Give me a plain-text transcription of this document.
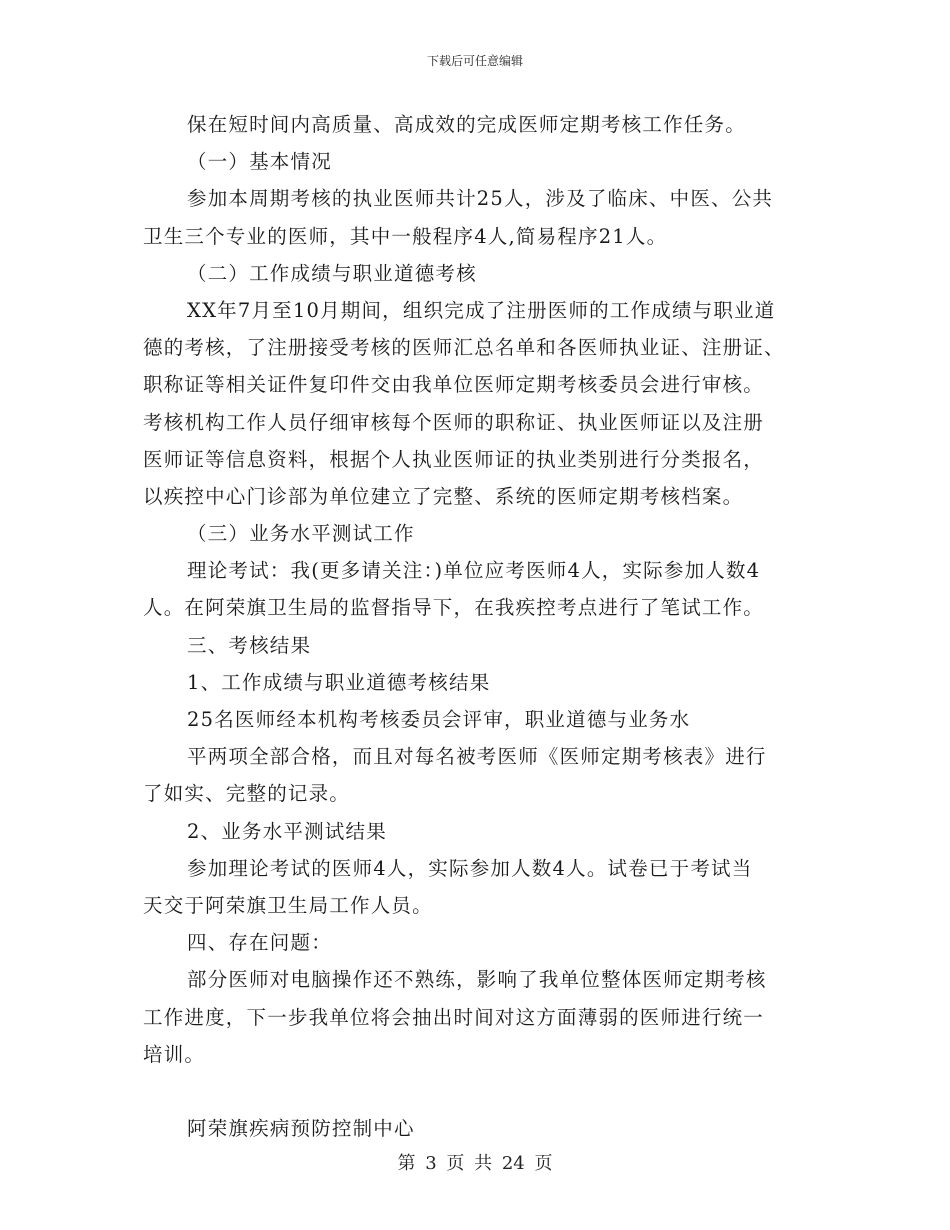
下载后可任意编辑
保在短时间内高质量、高成效的完成医师定期考核工作任务。
（一）基本情况
参加本周期考核的执业医师共计25人，涉及了临床、中医、公共
卫生三个专业的医师，其中一般程序4人,简易程序21人。
（二）工作成绩与职业道德考核
XX年7月至10月期间，组织完成了注册医师的工作成绩与职业道
德的考核，了注册接受考核的医师汇总名单和各医师执业证、注册证、
职称证等相关证件复印件交由我单位医师定期考核委员会进行审核。
考核机构工作人员仔细审核每个医师的职称证、执业医师证以及注册
医师证等信息资料，根据个人执业医师证的执业类别进行分类报名，
以疾控中心门诊部为单位建立了完整、系统的医师定期考核档案。
（三）业务水平测试工作
理论考试：我(更多请关注：)单位应考医师4人，实际参加人数4
人。在阿荣旗卫生局的监督指导下，在我疾控考点进行了笔试工作。
三、考核结果
1、工作成绩与职业道德考核结果
25名医师经本机构考核委员会评审，职业道德与业务水
平两项全部合格，而且对每名被考医师《医师定期考核表》进行
了如实、完整的记录。
2、业务水平测试结果
参加理论考试的医师4人，实际参加人数4人。试卷已于考试当
天交于阿荣旗卫生局工作人员。
四、存在问题：
部分医师对电脑操作还不熟练，影响了我单位整体医师定期考核
工作进度，下一步我单位将会抽出时间对这方面薄弱的医师进行统一
培训。
阿荣旗疾病预防控制中心
第 3 页 共 24 页
